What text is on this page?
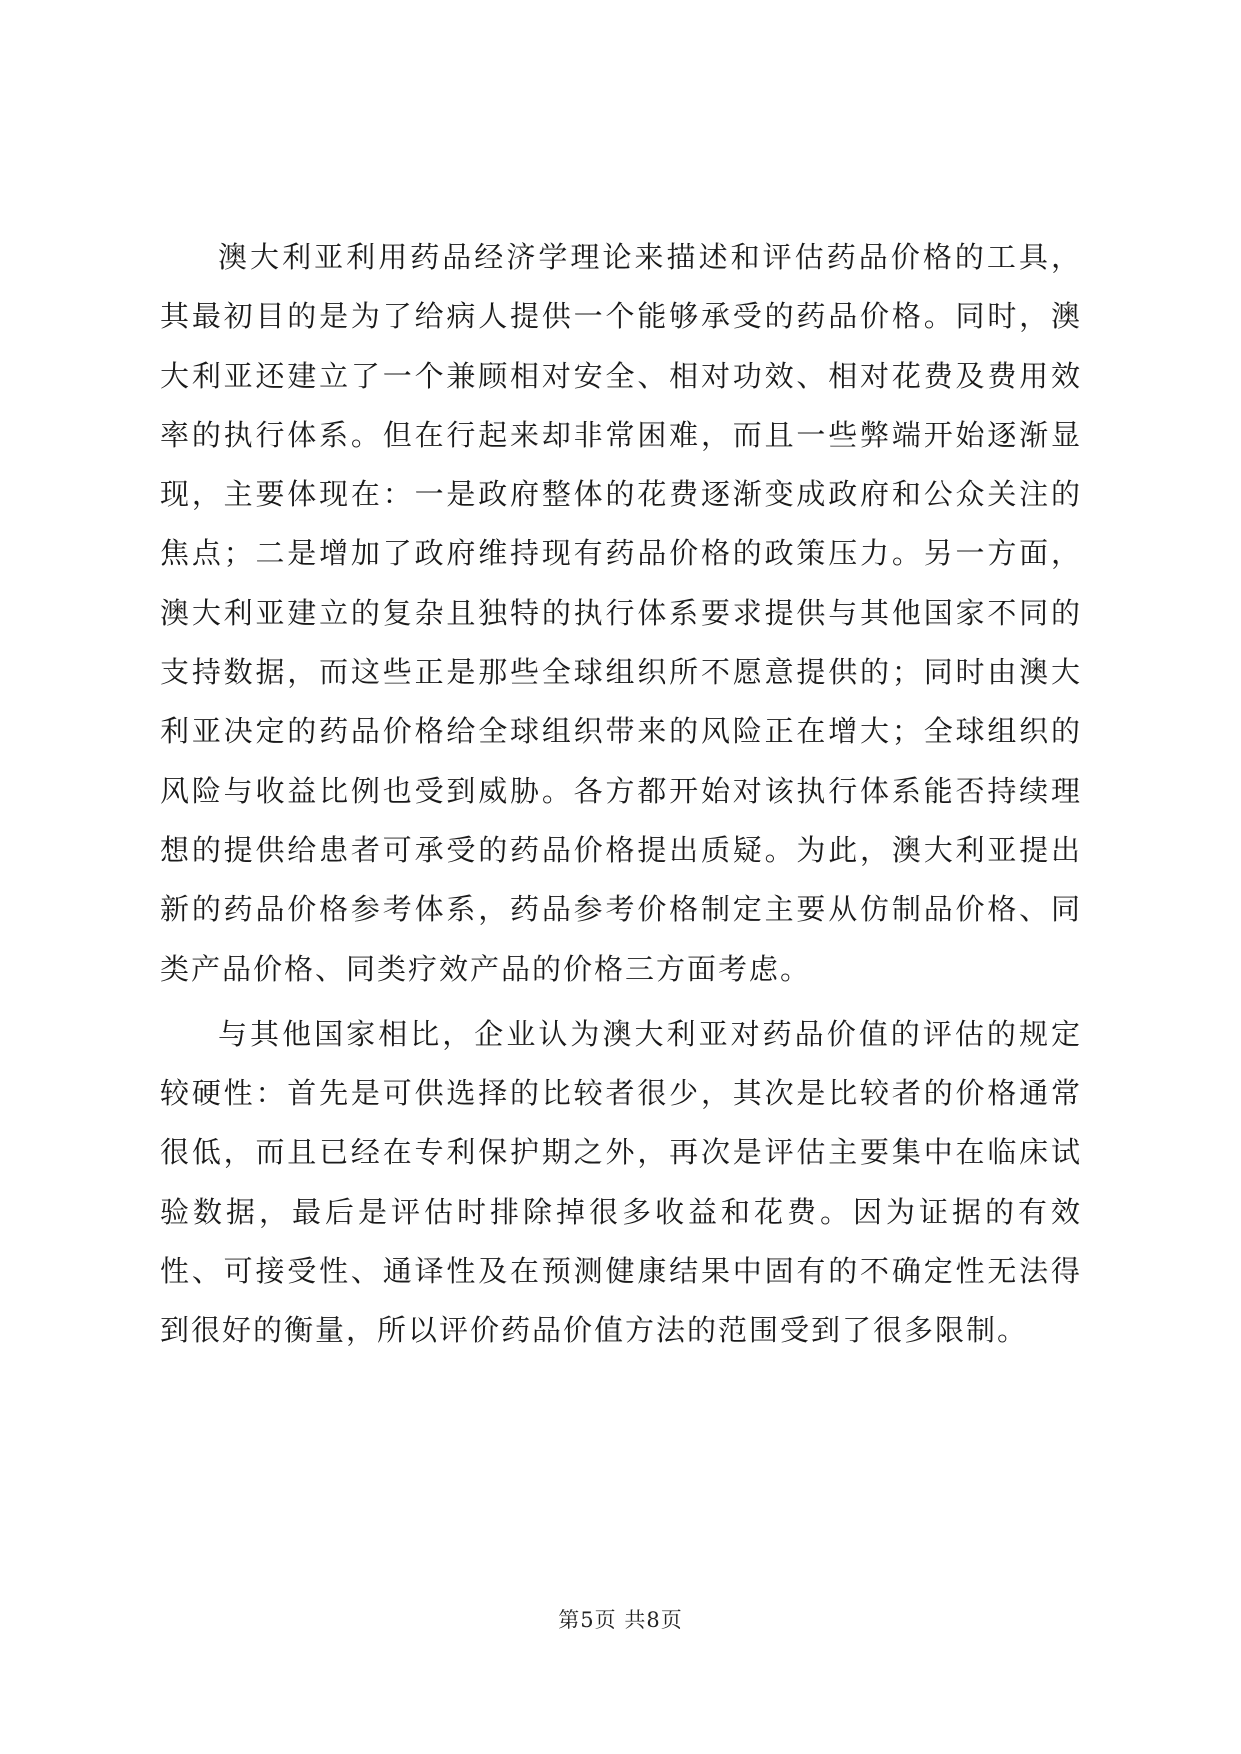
澳大利亚利用药品经济学理论来描述和评估药品价格的工具，其最初目的是为了给病人提供一个能够承受的药品价格。同时，澳大利亚还建立了一个兼顾相对安全、相对功效、相对花费及费用效率的执行体系。但在行起来却非常困难，而且一些弊端开始逐渐显现，主要体现在：一是政府整体的花费逐渐变成政府和公众关注的焦点；二是增加了政府维持现有药品价格的政策压力。另一方面，澳大利亚建立的复杂且独特的执行体系要求提供与其他国家不同的支持数据，而这些正是那些全球组织所不愿意提供的；同时由澳大利亚决定的药品价格给全球组织带来的风险正在增大；全球组织的风险与收益比例也受到威胁。各方都开始对该执行体系能否持续理想的提供给患者可承受的药品价格提出质疑。为此，澳大利亚提出新的药品价格参考体系，药品参考价格制定主要从仿制品价格、同类产品价格、同类疗效产品的价格三方面考虑。

与其他国家相比，企业认为澳大利亚对药品价值的评估的规定较硬性：首先是可供选择的比较者很少，其次是比较者的价格通常很低，而且已经在专利保护期之外，再次是评估主要集中在临床试验数据，最后是评估时排除掉很多收益和花费。因为证据的有效性、可接受性、通译性及在预测健康结果中固有的不确定性无法得到很好的衡量，所以评价药品价值方法的范围受到了很多限制。

第5页 共8页
